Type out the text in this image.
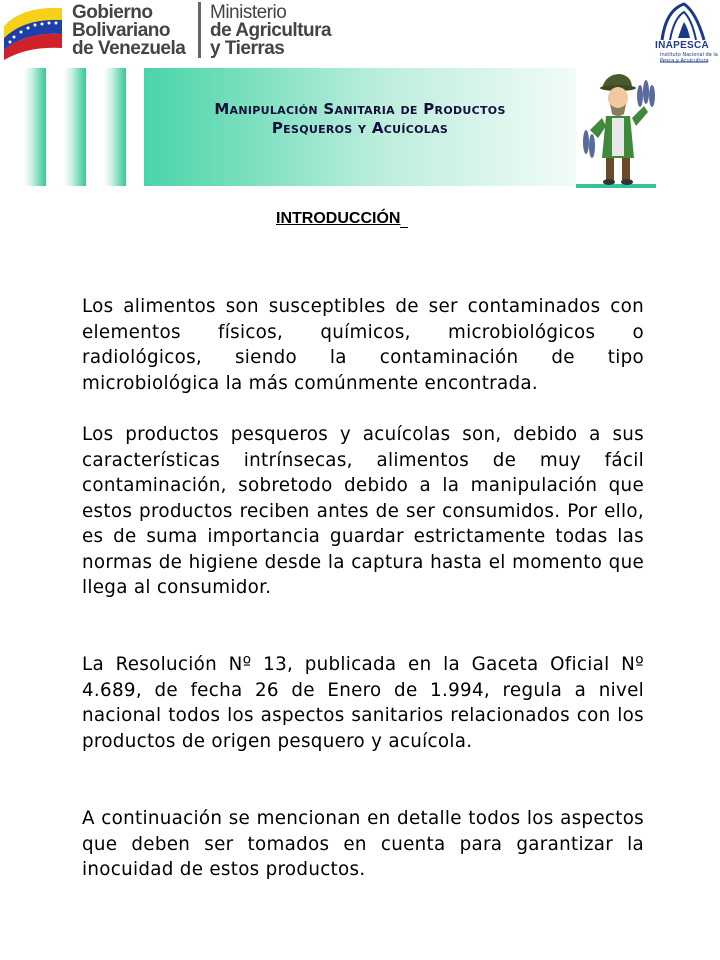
Gobierno
Bolivariano
de Venezuela
Ministerio
de Agricultura
y Tierras	INAPESCA
Instituto Nacional de la Pesca y Acuicultura
Manipulación Sanitaria de Productos
Pesqueros y Acuícolas
INTRODUCCIÓN

Los alimentos son susceptibles de ser contaminados con elementos físicos, químicos, microbiológicos o radiológicos, siendo la contaminación de tipo microbiológica la más comúnmente encontrada.

Los productos pesqueros y acuícolas son, debido a sus características intrínsecas, alimentos de muy fácil contaminación, sobretodo debido a la manipulación que estos productos reciben antes de ser consumidos. Por ello, es de suma importancia guardar estrictamente todas las normas de higiene desde la captura hasta el momento que llega al consumidor.

La Resolución Nº 13, publicada en la Gaceta Oficial Nº 4.689, de fecha 26 de Enero de 1.994, regula a nivel nacional todos los aspectos sanitarios relacionados con los productos de origen pesquero y acuícola.

A continuación se mencionan en detalle todos los aspectos que deben ser tomados en cuenta para garantizar la inocuidad de estos productos.
